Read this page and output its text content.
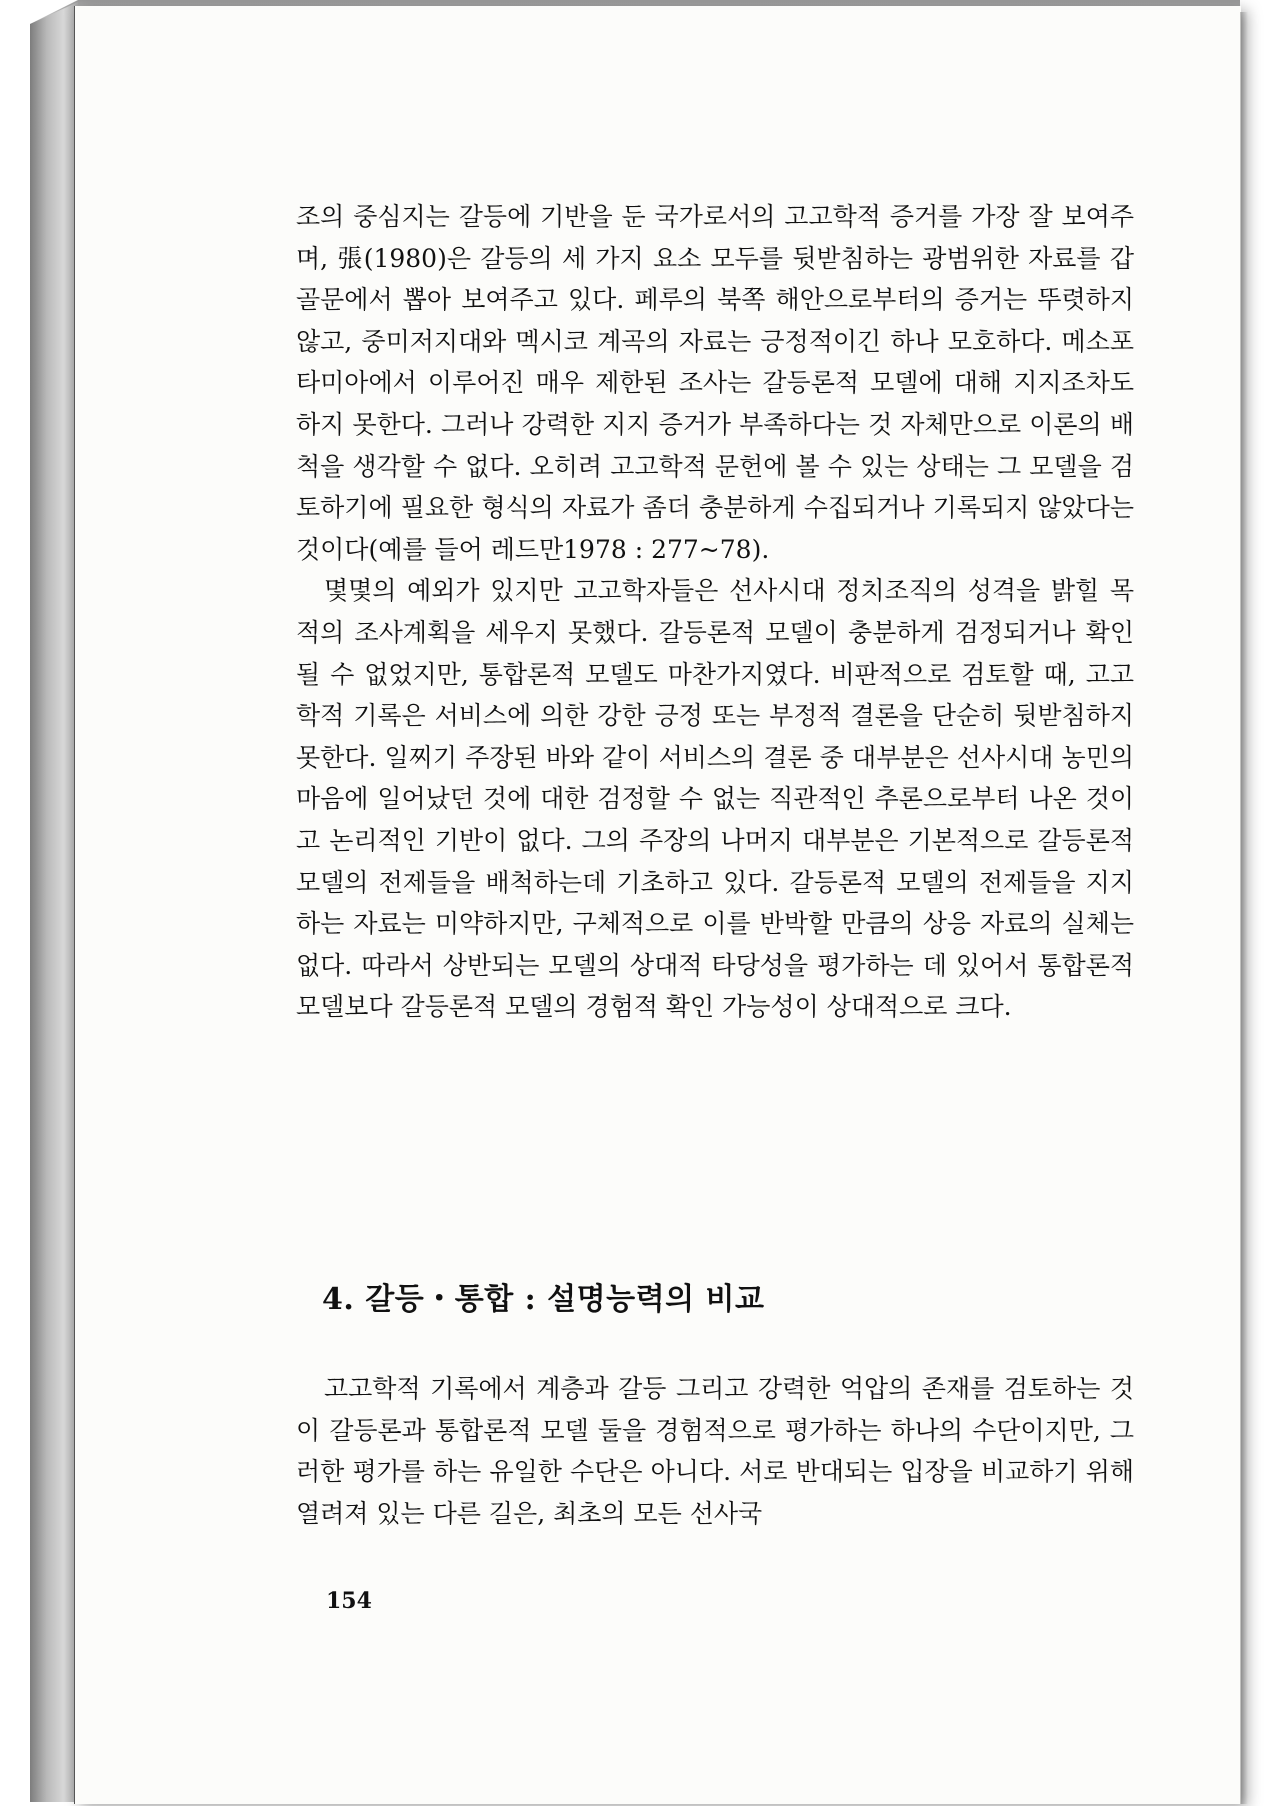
조의 중심지는 갈등에 기반을 둔 국가로서의 고고학적 증거를 가장 잘 보여주며, 張(1980)은 갈등의 세 가지 요소 모두를 뒷받침하는 광범위한 자료를 갑골문에서 뽑아 보여주고 있다. 페루의 북쪽 해안으로부터의 증거는 뚜렷하지 않고, 중미저지대와 멕시코 계곡의 자료는 긍정적이긴 하나 모호하다. 메소포타미아에서 이루어진 매우 제한된 조사는 갈등론적 모델에 대해 지지조차도 하지 못한다. 그러나 강력한 지지 증거가 부족하다는 것 자체만으로 이론의 배척을 생각할 수 없다. 오히려 고고학적 문헌에 볼 수 있는 상태는 그 모델을 검토하기에 필요한 형식의 자료가 좀더 충분하게 수집되거나 기록되지 않았다는 것이다(예를 들어 레드만1978 : 277~78).

몇몇의 예외가 있지만 고고학자들은 선사시대 정치조직의 성격을 밝힐 목적의 조사계획을 세우지 못했다. 갈등론적 모델이 충분하게 검정되거나 확인될 수 없었지만, 통합론적 모델도 마찬가지였다. 비판적으로 검토할 때, 고고학적 기록은 서비스에 의한 강한 긍정 또는 부정적 결론을 단순히 뒷받침하지 못한다. 일찌기 주장된 바와 같이 서비스의 결론 중 대부분은 선사시대 농민의 마음에 일어났던 것에 대한 검정할 수 없는 직관적인 추론으로부터 나온 것이고 논리적인 기반이 없다. 그의 주장의 나머지 대부분은 기본적으로 갈등론적 모델의 전제들을 배척하는데 기초하고 있다. 갈등론적 모델의 전제들을 지지하는 자료는 미약하지만, 구체적으로 이를 반박할 만큼의 상응 자료의 실체는 없다. 따라서 상반되는 모델의 상대적 타당성을 평가하는 데 있어서 통합론적 모델보다 갈등론적 모델의 경험적 확인 가능성이 상대적으로 크다.

4. 갈등・통합 : 설명능력의 비교

고고학적 기록에서 계층과 갈등 그리고 강력한 억압의 존재를 검토하는 것이 갈등론과 통합론적 모델 둘을 경험적으로 평가하는 하나의 수단이지만, 그러한 평가를 하는 유일한 수단은 아니다. 서로 반대되는 입장을 비교하기 위해 열려져 있는 다른 길은, 최초의 모든 선사국

154
